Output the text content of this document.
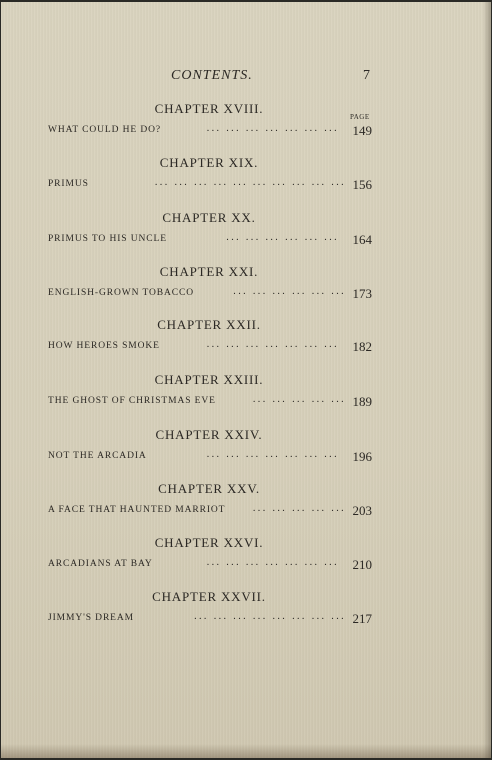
CONTENTS.	7
PAGE
CHAPTER XVIII.
WHAT COULD HE DO?	... ... ... ... ... ... ...	149
CHAPTER XIX.
PRIMUS	... ... ... ... ... ... ... ... ... ... 156
CHAPTER XX.
PRIMUS TO HIS UNCLE	... ... ... ... ... ...	164
CHAPTER XXI.
ENGLISH-GROWN TOBACCO	... ... ... ... ... ... 173
CHAPTER XXII.
HOW HEROES SMOKE	... ... ... ... ... ... ...	182
CHAPTER XXIII.
THE GHOST OF CHRISTMAS EVE	... ... ... ... ... 189
CHAPTER XXIV.
NOT THE ARCADIA	... ... ... ... ... ... ...	196
CHAPTER XXV.
A FACE THAT HAUNTED MARRIOT	... ... ... ... ... 203
CHAPTER XXVI.
ARCADIANS AT BAY	... ... ... ... ... ... ...	210
CHAPTER XXVII.
JIMMY'S DREAM	... ... ... ... ... ... ... ... 217
